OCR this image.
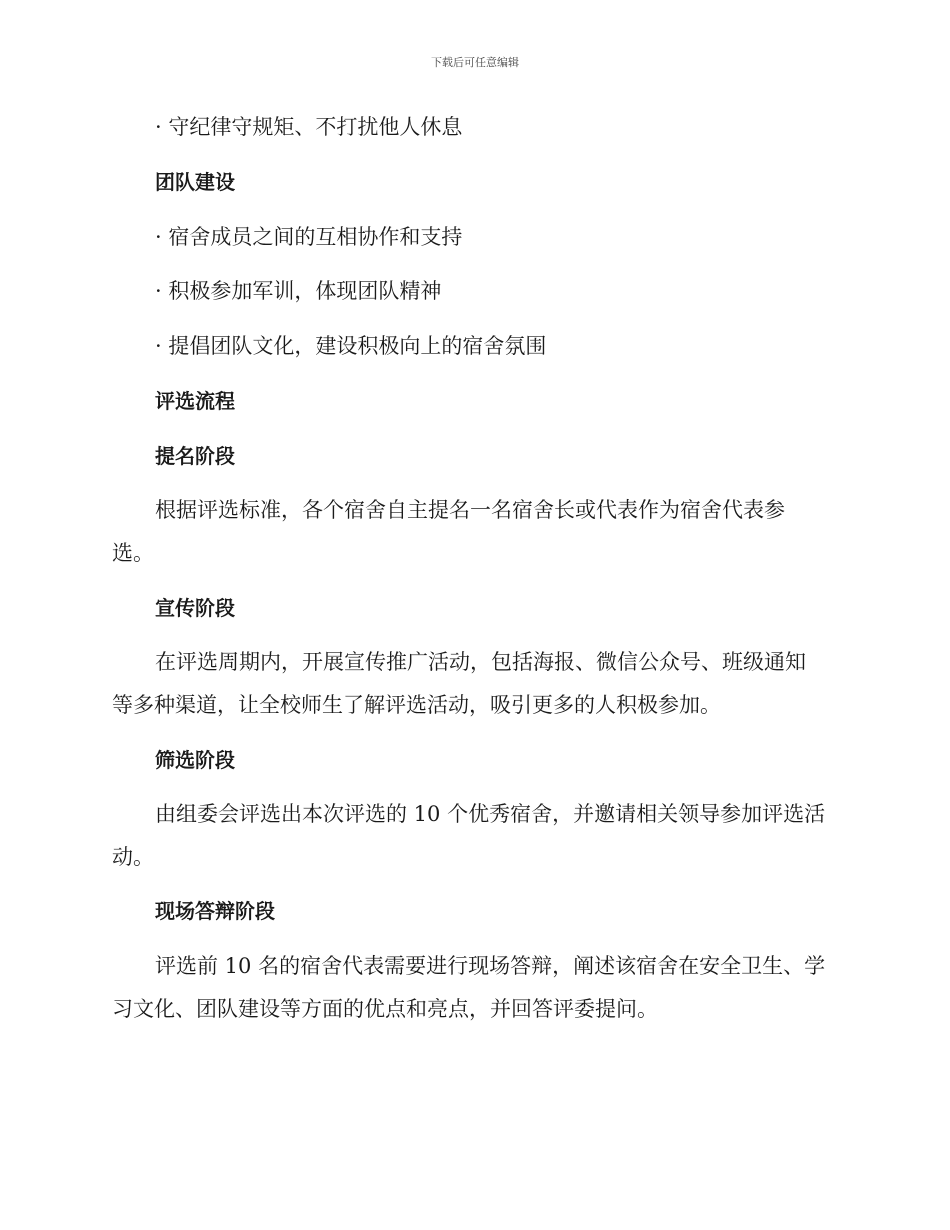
下载后可任意编辑
· 守纪律守规矩、不打扰他人休息
团队建设
· 宿舍成员之间的互相协作和支持
· 积极参加军训，体现团队精神
· 提倡团队文化，建设积极向上的宿舍氛围
评选流程
提名阶段
根据评选标准，各个宿舍自主提名一名宿舍长或代表作为宿舍代表参
选。
宣传阶段
在评选周期内，开展宣传推广活动，包括海报、微信公众号、班级通知
等多种渠道，让全校师生了解评选活动，吸引更多的人积极参加。
筛选阶段
由组委会评选出本次评选的 10 个优秀宿舍，并邀请相关领导参加评选活
动。
现场答辩阶段
评选前 10 名的宿舍代表需要进行现场答辩，阐述该宿舍在安全卫生、学
习文化、团队建设等方面的优点和亮点，并回答评委提问。
